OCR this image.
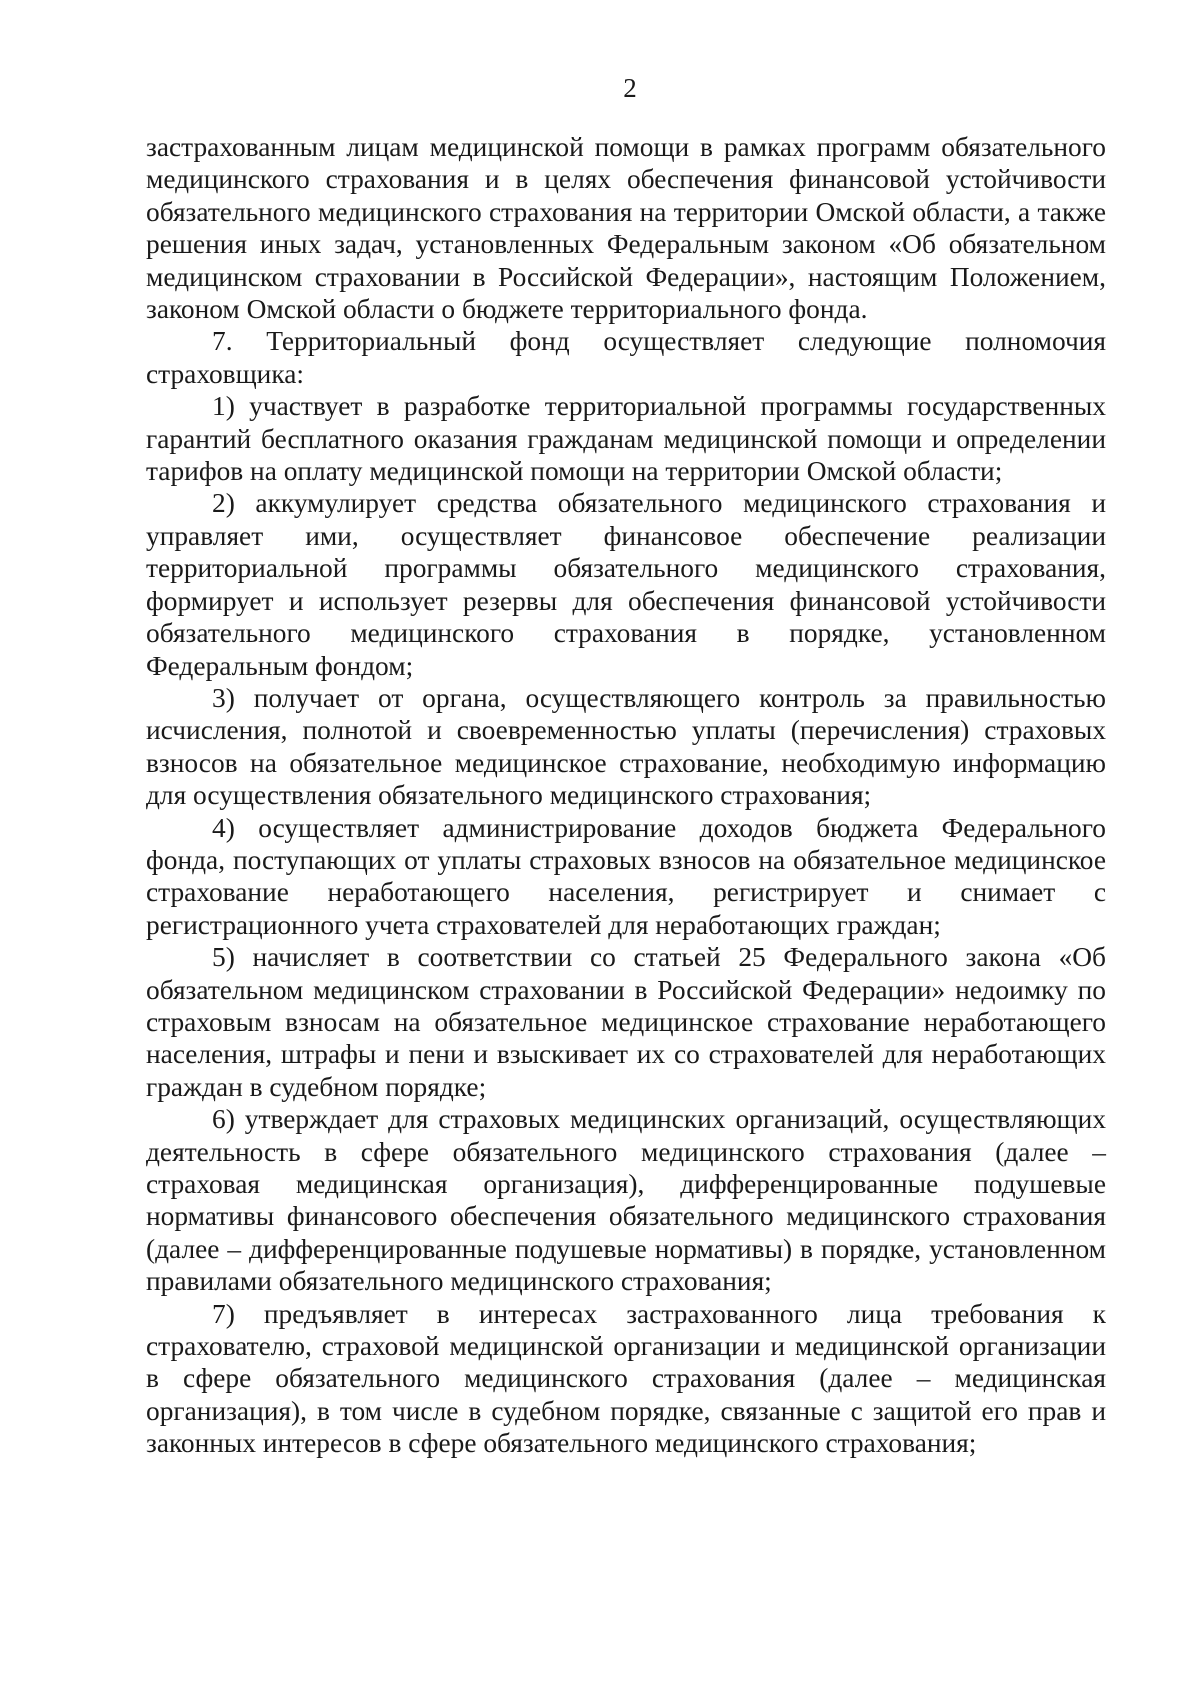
2

застрахованным лицам медицинской помощи в рамках программ обязательного медицинского страхования и в целях обеспечения финансовой устойчивости обязательного медицинского страхования на территории Омской области, а также решения иных задач, установленных Федеральным законом «Об обязательном медицинском страховании в Российской Федерации», настоящим Положением, законом Омской области о бюджете территориального фонда.

7. Территориальный фонд осуществляет следующие полномочия страховщика:

1) участвует в разработке территориальной программы государственных гарантий бесплатного оказания гражданам медицинской помощи и определении тарифов на оплату медицинской помощи на территории Омской области;

2) аккумулирует средства обязательного медицинского страхования и управляет ими, осуществляет финансовое обеспечение реализации территориальной программы обязательного медицинского страхования, формирует и использует резервы для обеспечения финансовой устойчивости обязательного медицинского страхования в порядке, установленном Федеральным фондом;

3) получает от органа, осуществляющего контроль за правильностью исчисления, полнотой и своевременностью уплаты (перечисления) страховых взносов на обязательное медицинское страхование, необходимую информацию для осуществления обязательного медицинского страхования;

4) осуществляет администрирование доходов бюджета Федерального фонда, поступающих от уплаты страховых взносов на обязательное медицинское страхование неработающего населения, регистрирует и снимает с регистрационного учета страхователей для неработающих граждан;

5) начисляет в соответствии со статьей 25 Федерального закона «Об обязательном медицинском страховании в Российской Федерации» недоимку по страховым взносам на обязательное медицинское страхование неработающего населения, штрафы и пени и взыскивает их со страхователей для неработающих граждан в судебном порядке;

6) утверждает для страховых медицинских организаций, осуществляющих деятельность в сфере обязательного медицинского страхования (далее – страховая медицинская организация), дифференцированные подушевые нормативы финансового обеспечения обязательного медицинского страхования (далее – дифференцированные подушевые нормативы) в порядке, установленном правилами обязательного медицинского страхования;

7) предъявляет в интересах застрахованного лица требования к страхователю, страховой медицинской организации и медицинской организации в сфере обязательного медицинского страхования (далее – медицинская организация), в том числе в судебном порядке, связанные с защитой его прав и законных интересов в сфере обязательного медицинского страхования;
